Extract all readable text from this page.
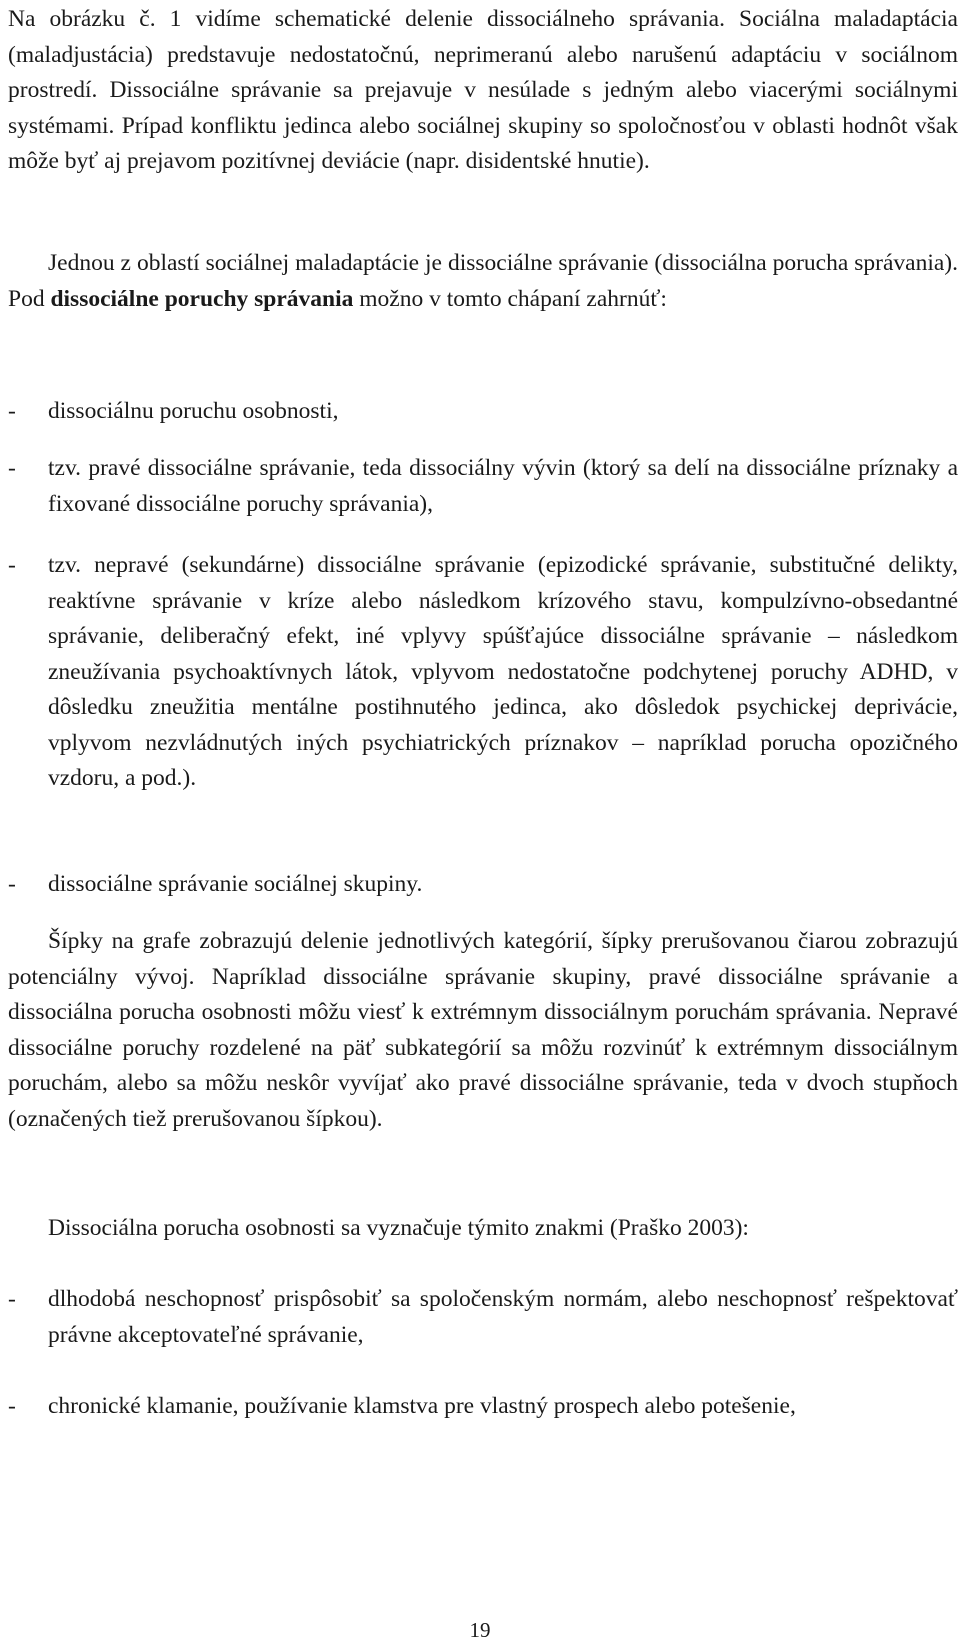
Na obrázku č. 1 vidíme schematické delenie dissociálneho správania. Sociálna maladaptácia (maladjustácia) predstavuje nedostatočnú, neprimeranú alebo narušenú adaptáciu v sociálnom prostredí. Dissociálne správanie sa prejavuje v nesúlade s jedným alebo viacerými sociálnymi systémami. Prípad konfliktu jedinca alebo sociálnej skupiny so spoločnosťou v oblasti hodnôt však môže byť aj prejavom pozitívnej deviácie (napr. disidentské hnutie).

Jednou z oblastí sociálnej maladaptácie je dissociálne správanie (dissociálna porucha správania). Pod dissociálne poruchy správania možno v tomto chápaní zahrnúť:

-	dissociálnu poruchu osobnosti,

-	tzv. pravé dissociálne správanie, teda dissociálny vývin (ktorý sa delí na dissociálne príznaky a fixované dissociálne poruchy správania),

-	tzv. nepravé (sekundárne) dissociálne správanie (epizodické správanie, substitučné delikty, reaktívne správanie v kríze alebo následkom krízového stavu, kompulzívno-obsedantné správanie, deliberačný efekt, iné vplyvy spúšťajúce dissociálne správanie – následkom zneužívania psychoaktívnych látok, vplyvom nedostatočne podchytenej poruchy ADHD, v dôsledku zneužitia mentálne postihnutého jedinca, ako dôsledok psychickej deprivácie, vplyvom nezvládnutých iných psychiatrických príznakov – napríklad porucha opozičného vzdoru, a pod.).

-	dissociálne správanie sociálnej skupiny.

Šípky na grafe zobrazujú delenie jednotlivých kategórií, šípky prerušovanou čiarou zobrazujú potenciálny vývoj. Napríklad dissociálne správanie skupiny, pravé dissociálne správanie a dissociálna porucha osobnosti môžu viesť k extrémnym dissociálnym poruchám správania. Nepravé dissociálne poruchy rozdelené na päť subkategórií sa môžu rozvinúť k extrémnym dissociálnym poruchám, alebo sa môžu neskôr vyvíjať ako pravé dissociálne správanie, teda v dvoch stupňoch (označených tiež prerušovanou šípkou).

Dissociálna porucha osobnosti sa vyznačuje týmito znakmi (Praško 2003):

-	dlhodobá neschopnosť prispôsobiť sa spoločenským normám, alebo neschopnosť rešpektovať právne akceptovateľné správanie,

-	chronické klamanie, používanie klamstva pre vlastný prospech alebo potešenie,

19
